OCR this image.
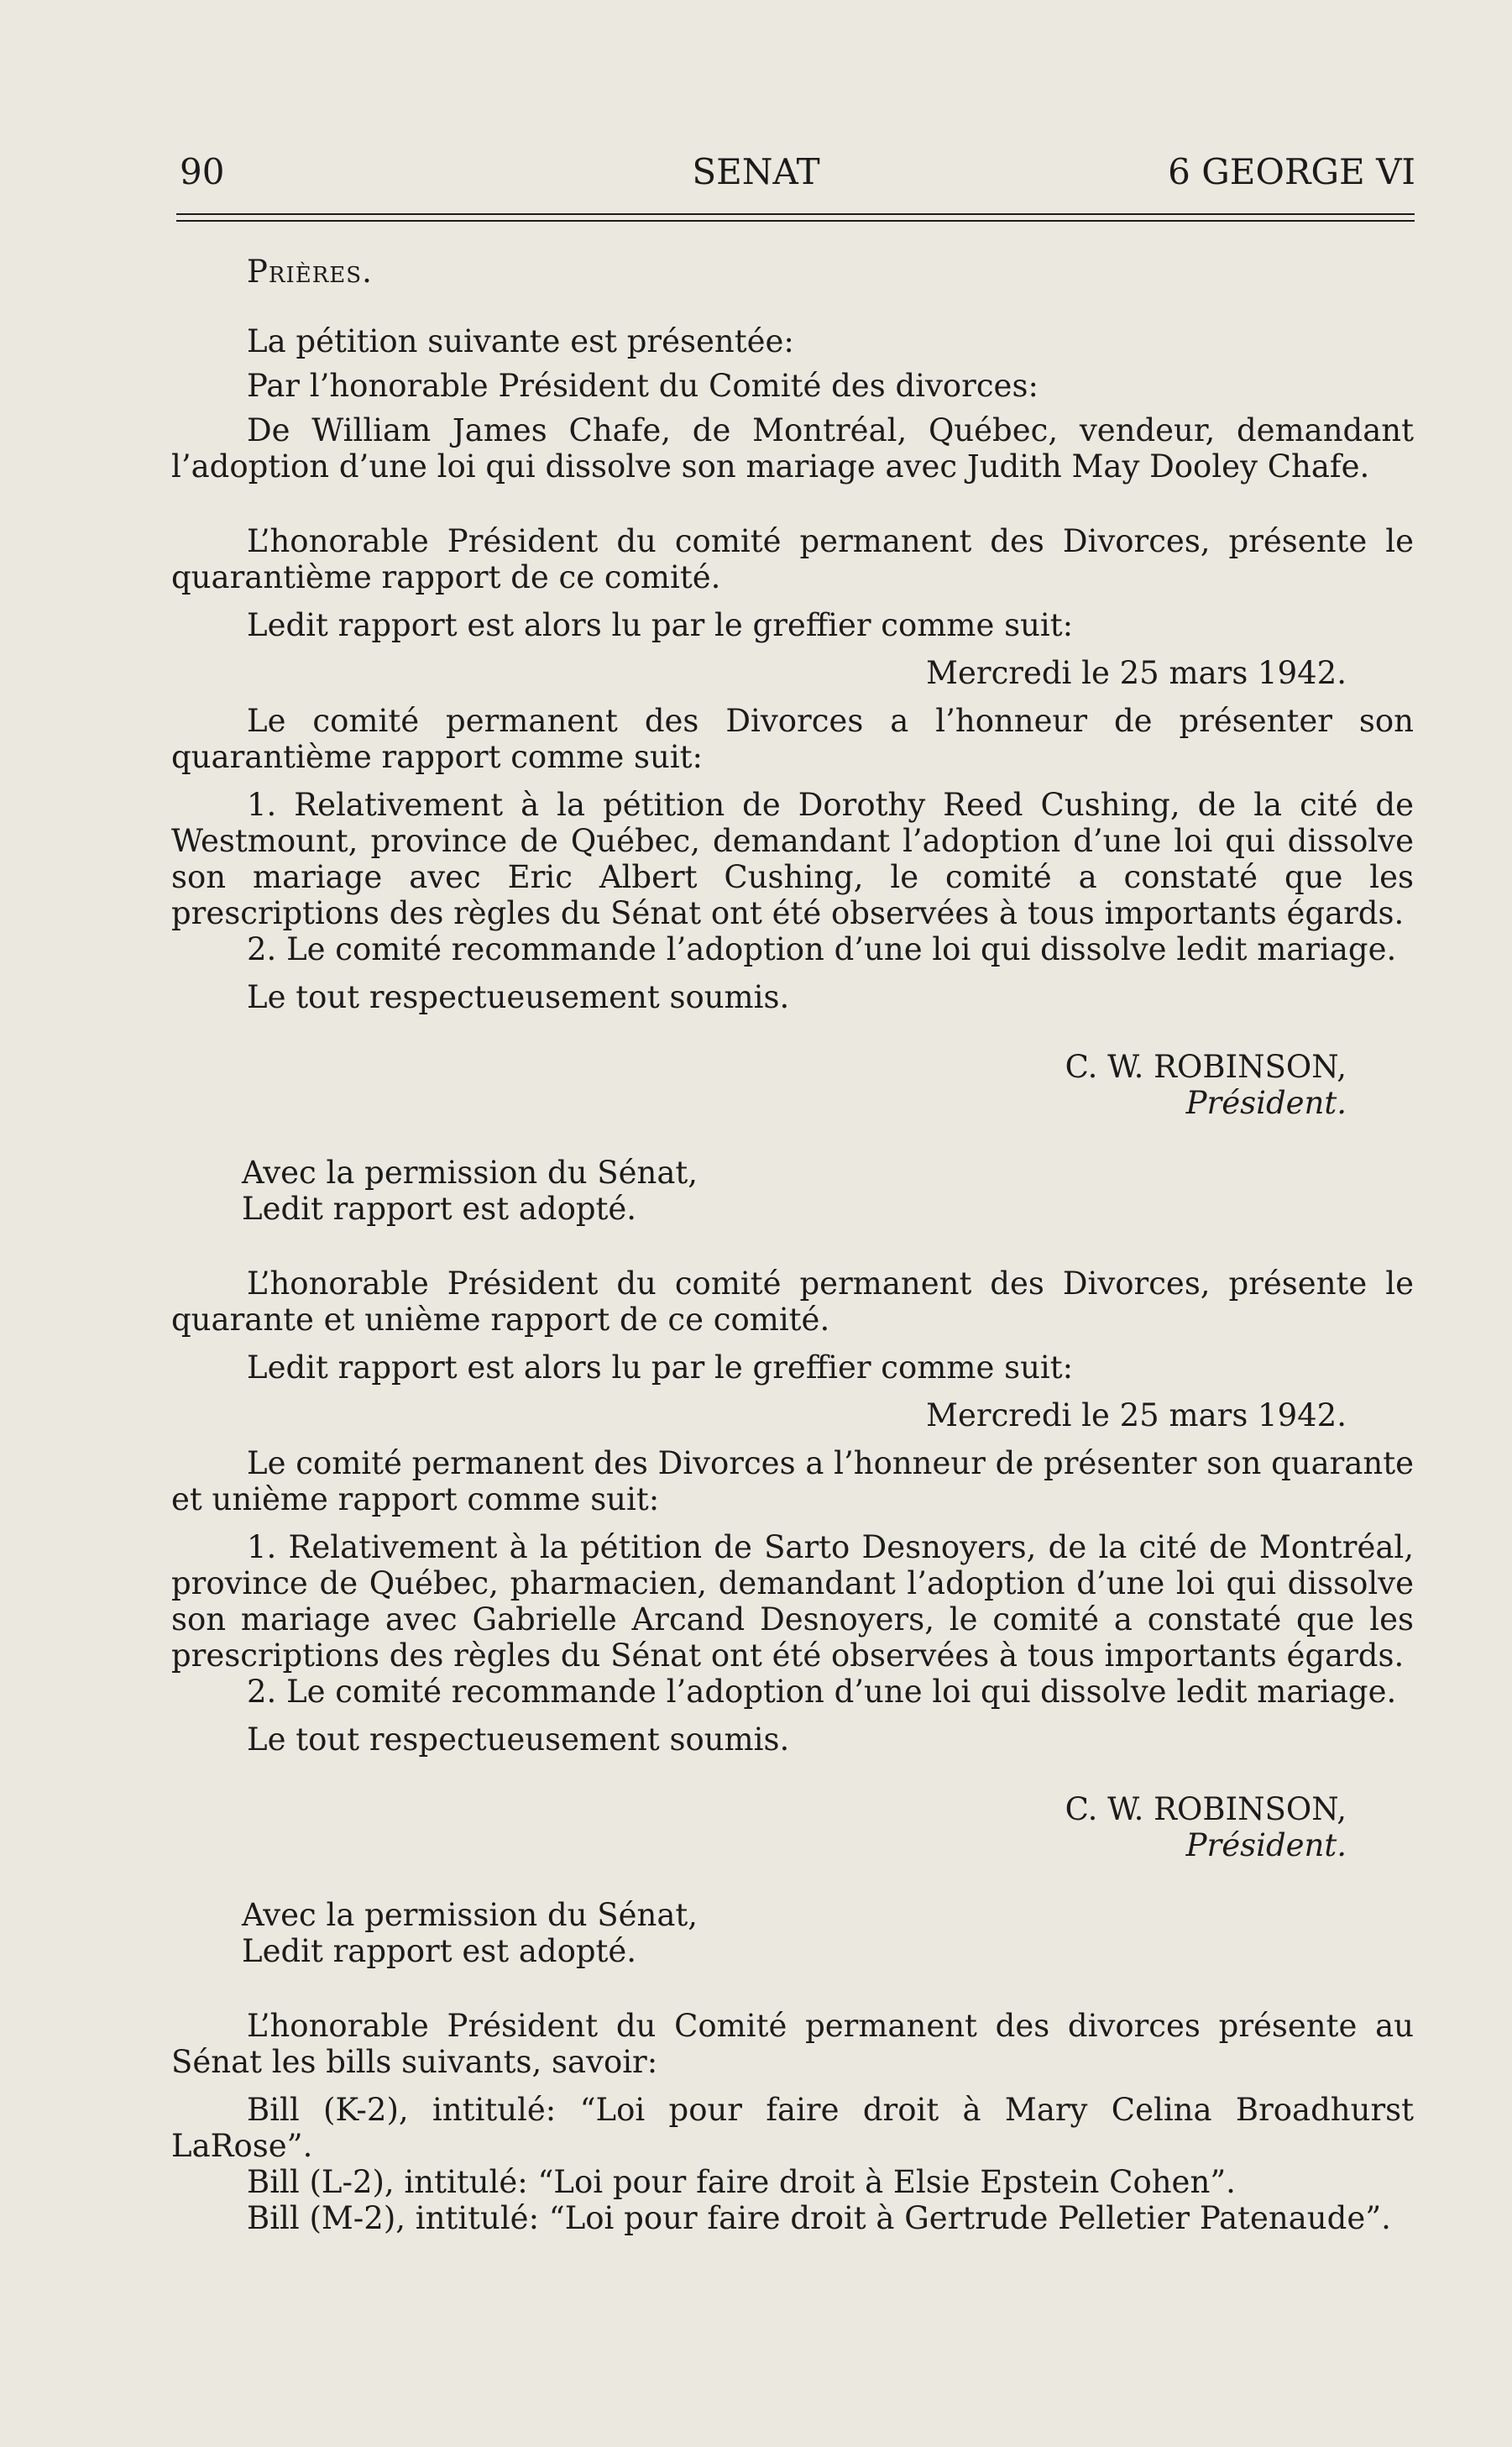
90	SENAT	6 GEORGE VI

Prières.

La pétition suivante est présentée:

Par l’honorable Président du Comité des divorces:

De William James Chafe, de Montréal, Québec, vendeur, demandant l’adoption d’une loi qui dissolve son mariage avec Judith May Dooley Chafe.

L’honorable Président du comité permanent des Divorces, présente le quarantième rapport de ce comité.

Ledit rapport est alors lu par le greffier comme suit:

Mercredi le 25 mars 1942.

Le comité permanent des Divorces a l’honneur de présenter son quarantième rapport comme suit:

1. Relativement à la pétition de Dorothy Reed Cushing, de la cité de Westmount, province de Québec, demandant l’adoption d’une loi qui dissolve son mariage avec Eric Albert Cushing, le comité a constaté que les prescriptions des règles du Sénat ont été observées à tous importants égards.

2. Le comité recommande l’adoption d’une loi qui dissolve ledit mariage.

Le tout respectueusement soumis.

C. W. ROBINSON,

Président.

Avec la permission du Sénat,

Ledit rapport est adopté.

L’honorable Président du comité permanent des Divorces, présente le quarante et unième rapport de ce comité.

Ledit rapport est alors lu par le greffier comme suit:

Mercredi le 25 mars 1942.

Le comité permanent des Divorces a l’honneur de présenter son quarante et unième rapport comme suit:

1. Relativement à la pétition de Sarto Desnoyers, de la cité de Montréal, province de Québec, pharmacien, demandant l’adoption d’une loi qui dissolve son mariage avec Gabrielle Arcand Desnoyers, le comité a constaté que les prescriptions des règles du Sénat ont été observées à tous importants égards.

2. Le comité recommande l’adoption d’une loi qui dissolve ledit mariage.

Le tout respectueusement soumis.

C. W. ROBINSON,

Président.

Avec la permission du Sénat,

Ledit rapport est adopté.

L’honorable Président du Comité permanent des divorces présente au Sénat les bills suivants, savoir:

Bill (K-2), intitulé: “Loi pour faire droit à Mary Celina Broadhurst LaRose”.

Bill (L-2), intitulé: “Loi pour faire droit à Elsie Epstein Cohen”.

Bill (M-2), intitulé: “Loi pour faire droit à Gertrude Pelletier Patenaude”.
